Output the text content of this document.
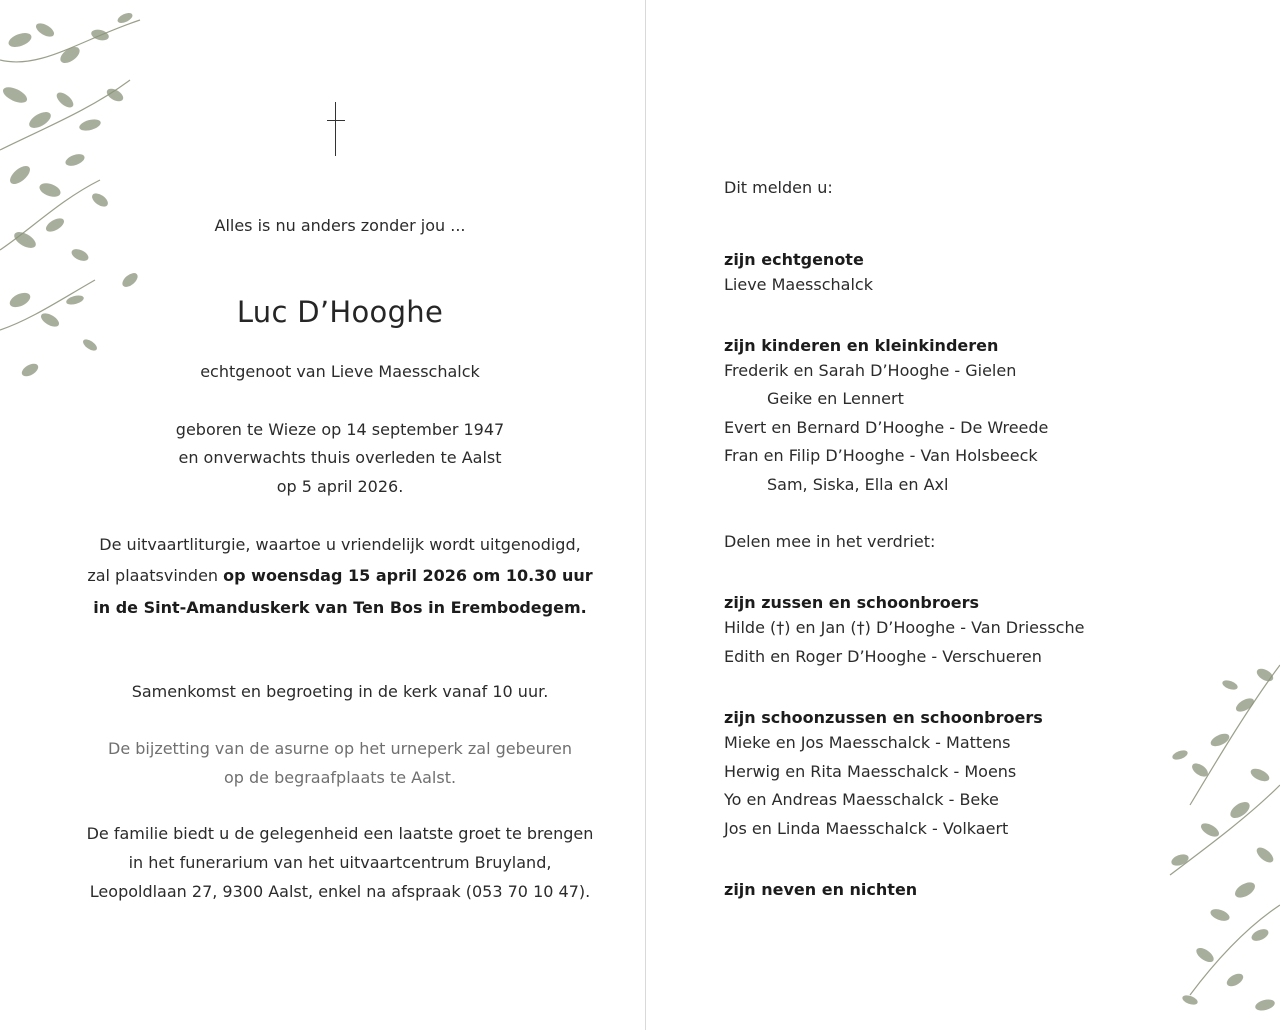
Alles is nu anders zonder jou ...
Luc D’Hooghe
echtgenoot van Lieve Maesschalck
geboren te Wieze op 14 september 1947
en onverwachts thuis overleden te Aalst
op 5 april 2026.
De uitvaartliturgie, waartoe u vriendelijk wordt uitgenodigd,
zal plaatsvinden op woensdag 15 april 2026 om 10.30 uur
in de Sint-Amanduskerk van Ten Bos in Erembodegem.
Samenkomst en begroeting in de kerk vanaf 10 uur.
De bijzetting van de asurne op het urneperk zal gebeuren
op de begraafplaats te Aalst.
De familie biedt u de gelegenheid een laatste groet te brengen
in het funerarium van het uitvaartcentrum Bruyland,
Leopoldlaan 27, 9300 Aalst, enkel na afspraak (053 70 10 47).
Dit melden u:
zijn echtgenote
Lieve Maesschalck
zijn kinderen en kleinkinderen
Frederik en Sarah D’Hooghe - Gielen
Geike en Lennert
Evert en Bernard D’Hooghe - De Wreede
Fran en Filip D’Hooghe - Van Holsbeeck
Sam, Siska, Ella en Axl
Delen mee in het verdriet:
zijn zussen en schoonbroers
Hilde (†) en Jan (†) D’Hooghe - Van Driessche
Edith en Roger D’Hooghe - Verschueren
zijn schoonzussen en schoonbroers
Mieke en Jos Maesschalck - Mattens
Herwig en Rita Maesschalck - Moens
Yo en Andreas Maesschalck - Beke
Jos en Linda Maesschalck - Volkaert
zijn neven en nichten
